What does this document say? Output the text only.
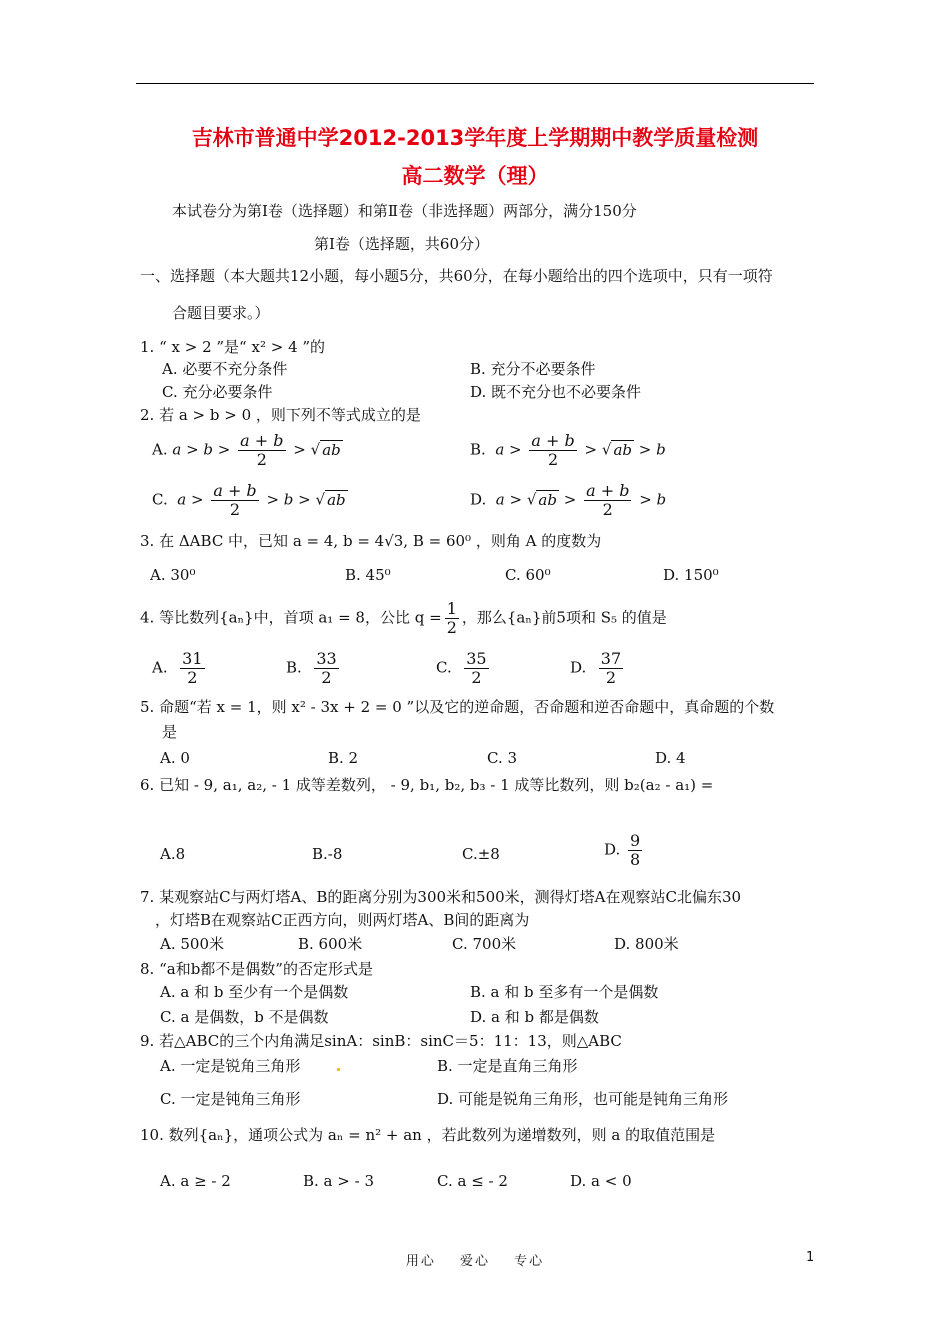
吉林市普通中学2012-2013学年度上学期期中教学质量检测
高二数学（理）
本试卷分为第Ⅰ卷（选择题）和第Ⅱ卷（非选择题）两部分，满分150分
第Ⅰ卷（选择题，共60分）
一、选择题（本大题共12小题，每小题5分，共60分，在每小题给出的四个选项中，只有一项符
合题目要求。）
1. “ x > 2 ”是“ x² > 4 ”的
A. 必要不充分条件	B. 充分不必要条件
C. 充分必要条件	D. 既不充分也不必要条件
2. 若 a > b > 0 ，则下列不等式成立的是
A. $a > b > \frac{a + b}{2}$ > √ ab	B.  $a > \frac{a + b}{2}$ > √ ab > b
C.  $a > \frac{a + b}{2} > b$ > √ ab	D.  a > √ ab > $\frac{a + b}{2} > b$
3. 在 ΔABC 中，已知 a = 4, b = 4√3, B = 60⁰ ，则角 A 的度数为
A. 30⁰	B. 45⁰	C. 60⁰	D. 150⁰
4. 等比数列{aₙ}中，首项 a₁ = 8，公比 $q = \frac{1}{2}$ ，那么{aₙ}前5项和 S₅ 的值是
A. $\frac{31}{2}$	B. $\frac{33}{2}$	C. $\frac{35}{2}$	D. $\frac{37}{2}$
5. 命题“若 x = 1，则 x² - 3x + 2 = 0 ”以及它的逆命题，否命题和逆否命题中，真命题的个数
是
A. 0	B. 2	C. 3	D. 4
6. 已知 - 9, a₁, a₂, - 1 成等差数列， - 9, b₁, b₂, b₃ - 1 成等比数列，则 b₂(a₂ - a₁) =
A.8	B.-8	C.±8	D. $\frac{9}{8}$
7. 某观察站C与两灯塔A、B的距离分别为300米和500米，测得灯塔A在观察站C北偏东30
，灯塔B在观察站C正西方向，则两灯塔A、B间的距离为
A. 500米	B. 600米	C. 700米	D. 800米
8. “a和b都不是偶数”的否定形式是
A. a 和 b 至少有一个是偶数	B. a 和 b 至多有一个是偶数
C. a 是偶数，b 不是偶数	D. a 和 b 都是偶数
9. 若△ABC的三个内角满足sinA：sinB：sinC＝5：11：13，则△ABC
A. 一定是锐角三角形	B. 一定是直角三角形
C. 一定是钝角三角形	D. 可能是锐角三角形，也可能是钝角三角形
10. 数列{aₙ}，通项公式为 aₙ = n² + an ，若此数列为递增数列，则 a 的取值范围是
A. a ≥ - 2	B. a > - 3	C. a ≤ - 2	D. a < 0
用心 爱心 专心	1
